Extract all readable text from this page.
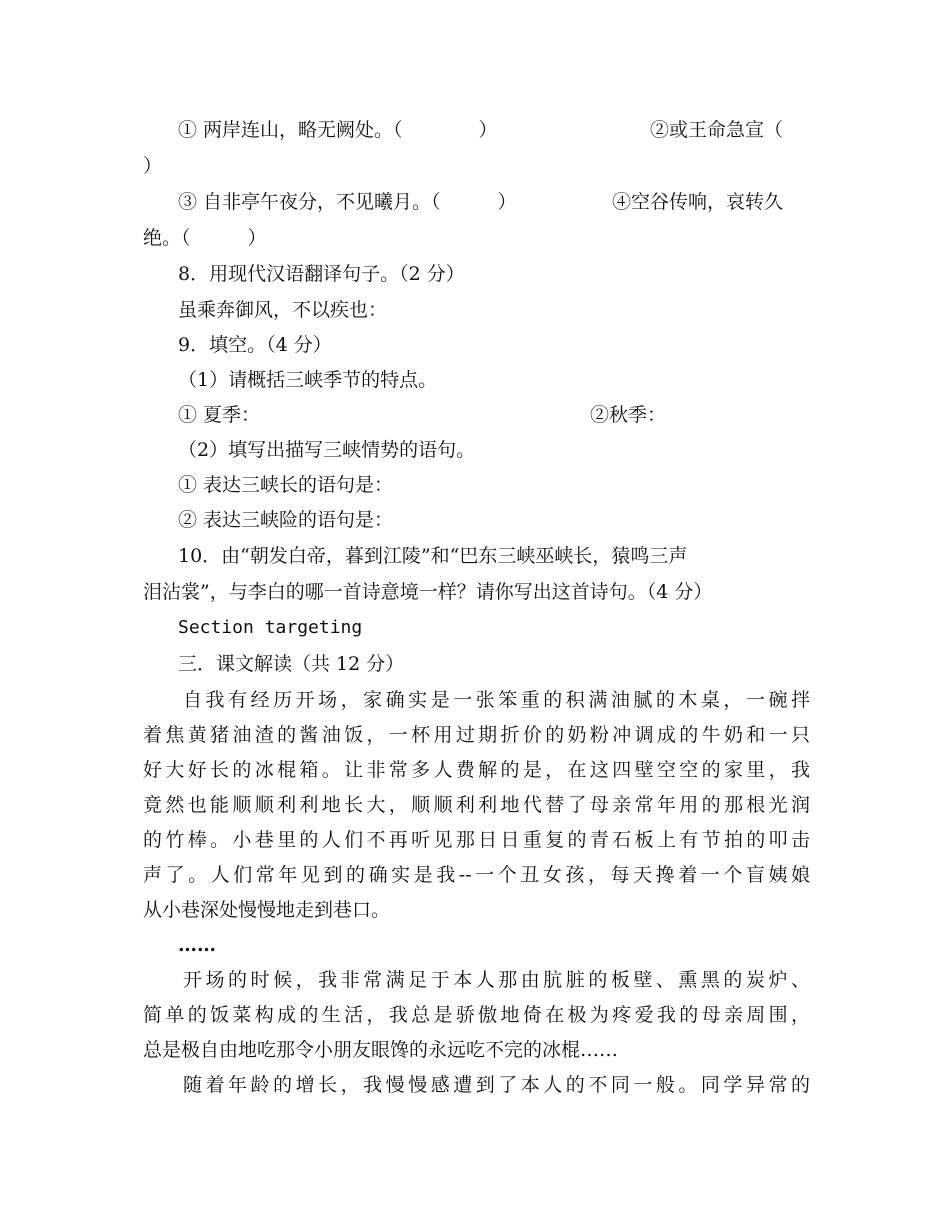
① 两岸连山，略无阙处。（　　　　）	②或王命急宣（
）
③ 自非亭午夜分，不见曦月。（　　　）	④空谷传响，哀转久
绝。（　　　）
8．用现代汉语翻译句子。（2 分）
虽乘奔御风，不以疾也：
9．填空。（4 分）
（1）请概括三峡季节的特点。
① 夏季：	②秋季：
（2）填写出描写三峡情势的语句。
① 表达三峡长的语句是：
② 表达三峡险的语句是：
10．由“朝发白帝，暮到江陵”和“巴东三峡巫峡长，猿鸣三声
泪沾裳”，与李白的哪一首诗意境一样？请你写出这首诗句。（4 分）
Section targeting
三．课文解读（共 12 分）
自我有经历开场，家确实是一张笨重的积满油腻的木桌，一碗拌
着焦黄猪油渣的酱油饭，一杯用过期折价的奶粉冲调成的牛奶和一只
好大好长的冰棍箱。让非常多人费解的是，在这四壁空空的家里，我
竟然也能顺顺利利地长大，顺顺利利地代替了母亲常年用的那根光润
的竹棒。小巷里的人们不再听见那日日重复的青石板上有节拍的叩击
声了。人们常年见到的确实是我--一个丑女孩，每天搀着一个盲姨娘
从小巷深处慢慢地走到巷口。
……
开场的时候，我非常满足于本人那由肮脏的板壁、熏黑的炭炉、
简单的饭菜构成的生活，我总是骄傲地倚在极为疼爱我的母亲周围，
总是极自由地吃那令小朋友眼馋的永远吃不完的冰棍……
随着年龄的增长，我慢慢感遭到了本人的不同一般。同学异常的
